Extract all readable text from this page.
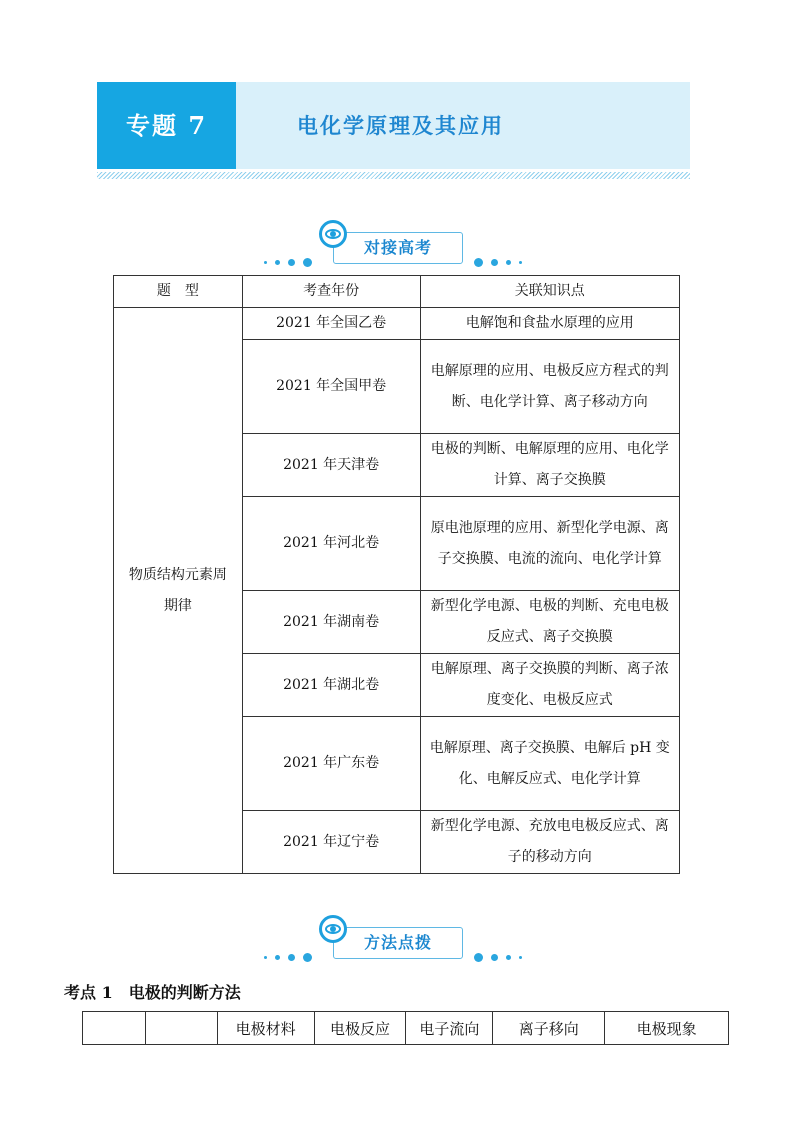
专题 7	电化学原理及其应用
对接高考
题　型	考查年份	关联知识点
物质结构元素周期律	2021 年全国乙卷	电解饱和食盐水原理的应用
	2021 年全国甲卷	电解原理的应用、电极反应方程式的判断、电化学计算、离子移动方向
	2021 年天津卷	电极的判断、电解原理的应用、电化学计算、离子交换膜
	2021 年河北卷	原电池原理的应用、新型化学电源、离子交换膜、电流的流向、电化学计算
	2021 年湖南卷	新型化学电源、电极的判断、充电电极反应式、离子交换膜
	2021 年湖北卷	电解原理、离子交换膜的判断、离子浓度变化、电极反应式
	2021 年广东卷	电解原理、离子交换膜、电解后 pH 变化、电解反应式、电化学计算
	2021 年辽宁卷	新型化学电源、充放电电极反应式、离子的移动方向
方法点拨
考点 1　电极的判断方法
		电极材料	电极反应	电子流向	离子移向	电极现象
